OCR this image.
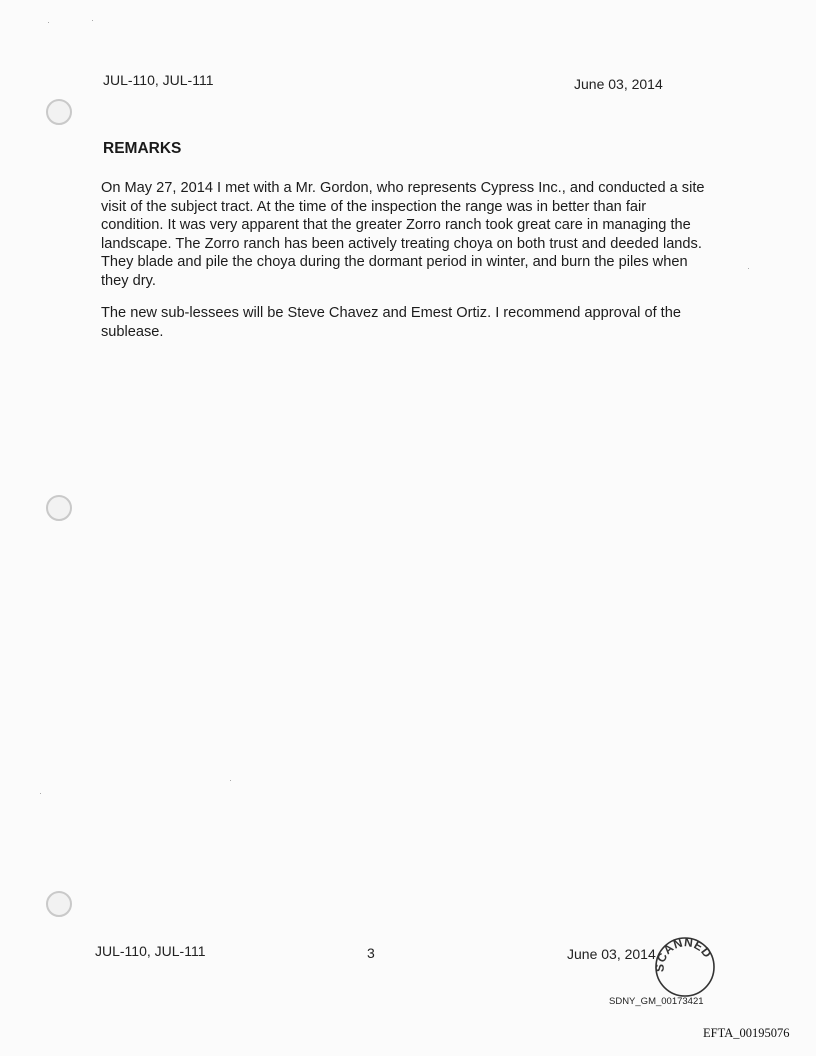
JUL-110, JUL-111	June 03, 2014
REMARKS

On May 27, 2014 I met with a Mr. Gordon, who represents Cypress Inc., and conducted a site visit of the subject tract. At the time of the inspection the range was in better than fair condition. It was very apparent that the greater Zorro ranch took great care in managing the landscape. The Zorro ranch has been actively treating choya on both trust and deeded lands. They blade and pile the choya during the dormant period in winter, and burn the piles when they dry.

The new sub-lessees will be Steve Chavez and Emest Ortiz. I recommend approval of the sublease.

JUL-110, JUL-111	3	June 03, 2014
SCANNED
SDNY_GM_00173421
EFTA_00195076
